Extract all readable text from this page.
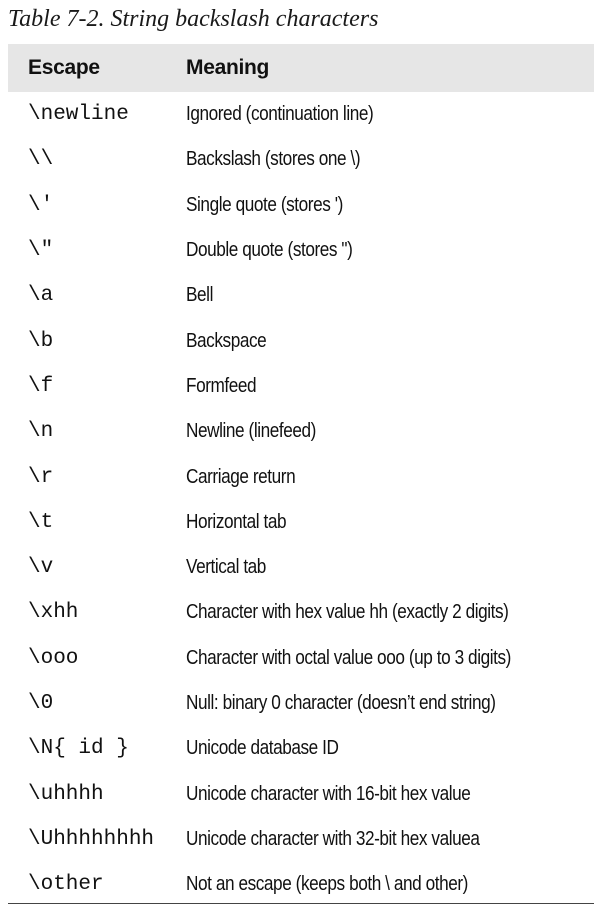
Table 7-2. String backslash characters
Escape	Meaning
\newline	Ignored (continuation line)
\\	Backslash (stores one \)
\'	Single quote (stores ')
\"	Double quote (stores ")
\a	Bell
\b	Backspace
\f	Formfeed
\n	Newline (linefeed)
\r	Carriage return
\t	Horizontal tab
\v	Vertical tab
\xhh	Character with hex value hh (exactly 2 digits)
\ooo	Character with octal value ooo (up to 3 digits)
\0	Null: binary 0 character (doesn’t end string)
\N{ id }	Unicode database ID
\uhhhh	Unicode character with 16-bit hex value
\Uhhhhhhhh	Unicode character with 32-bit hex valuea
\other	Not an escape (keeps both \ and other)
